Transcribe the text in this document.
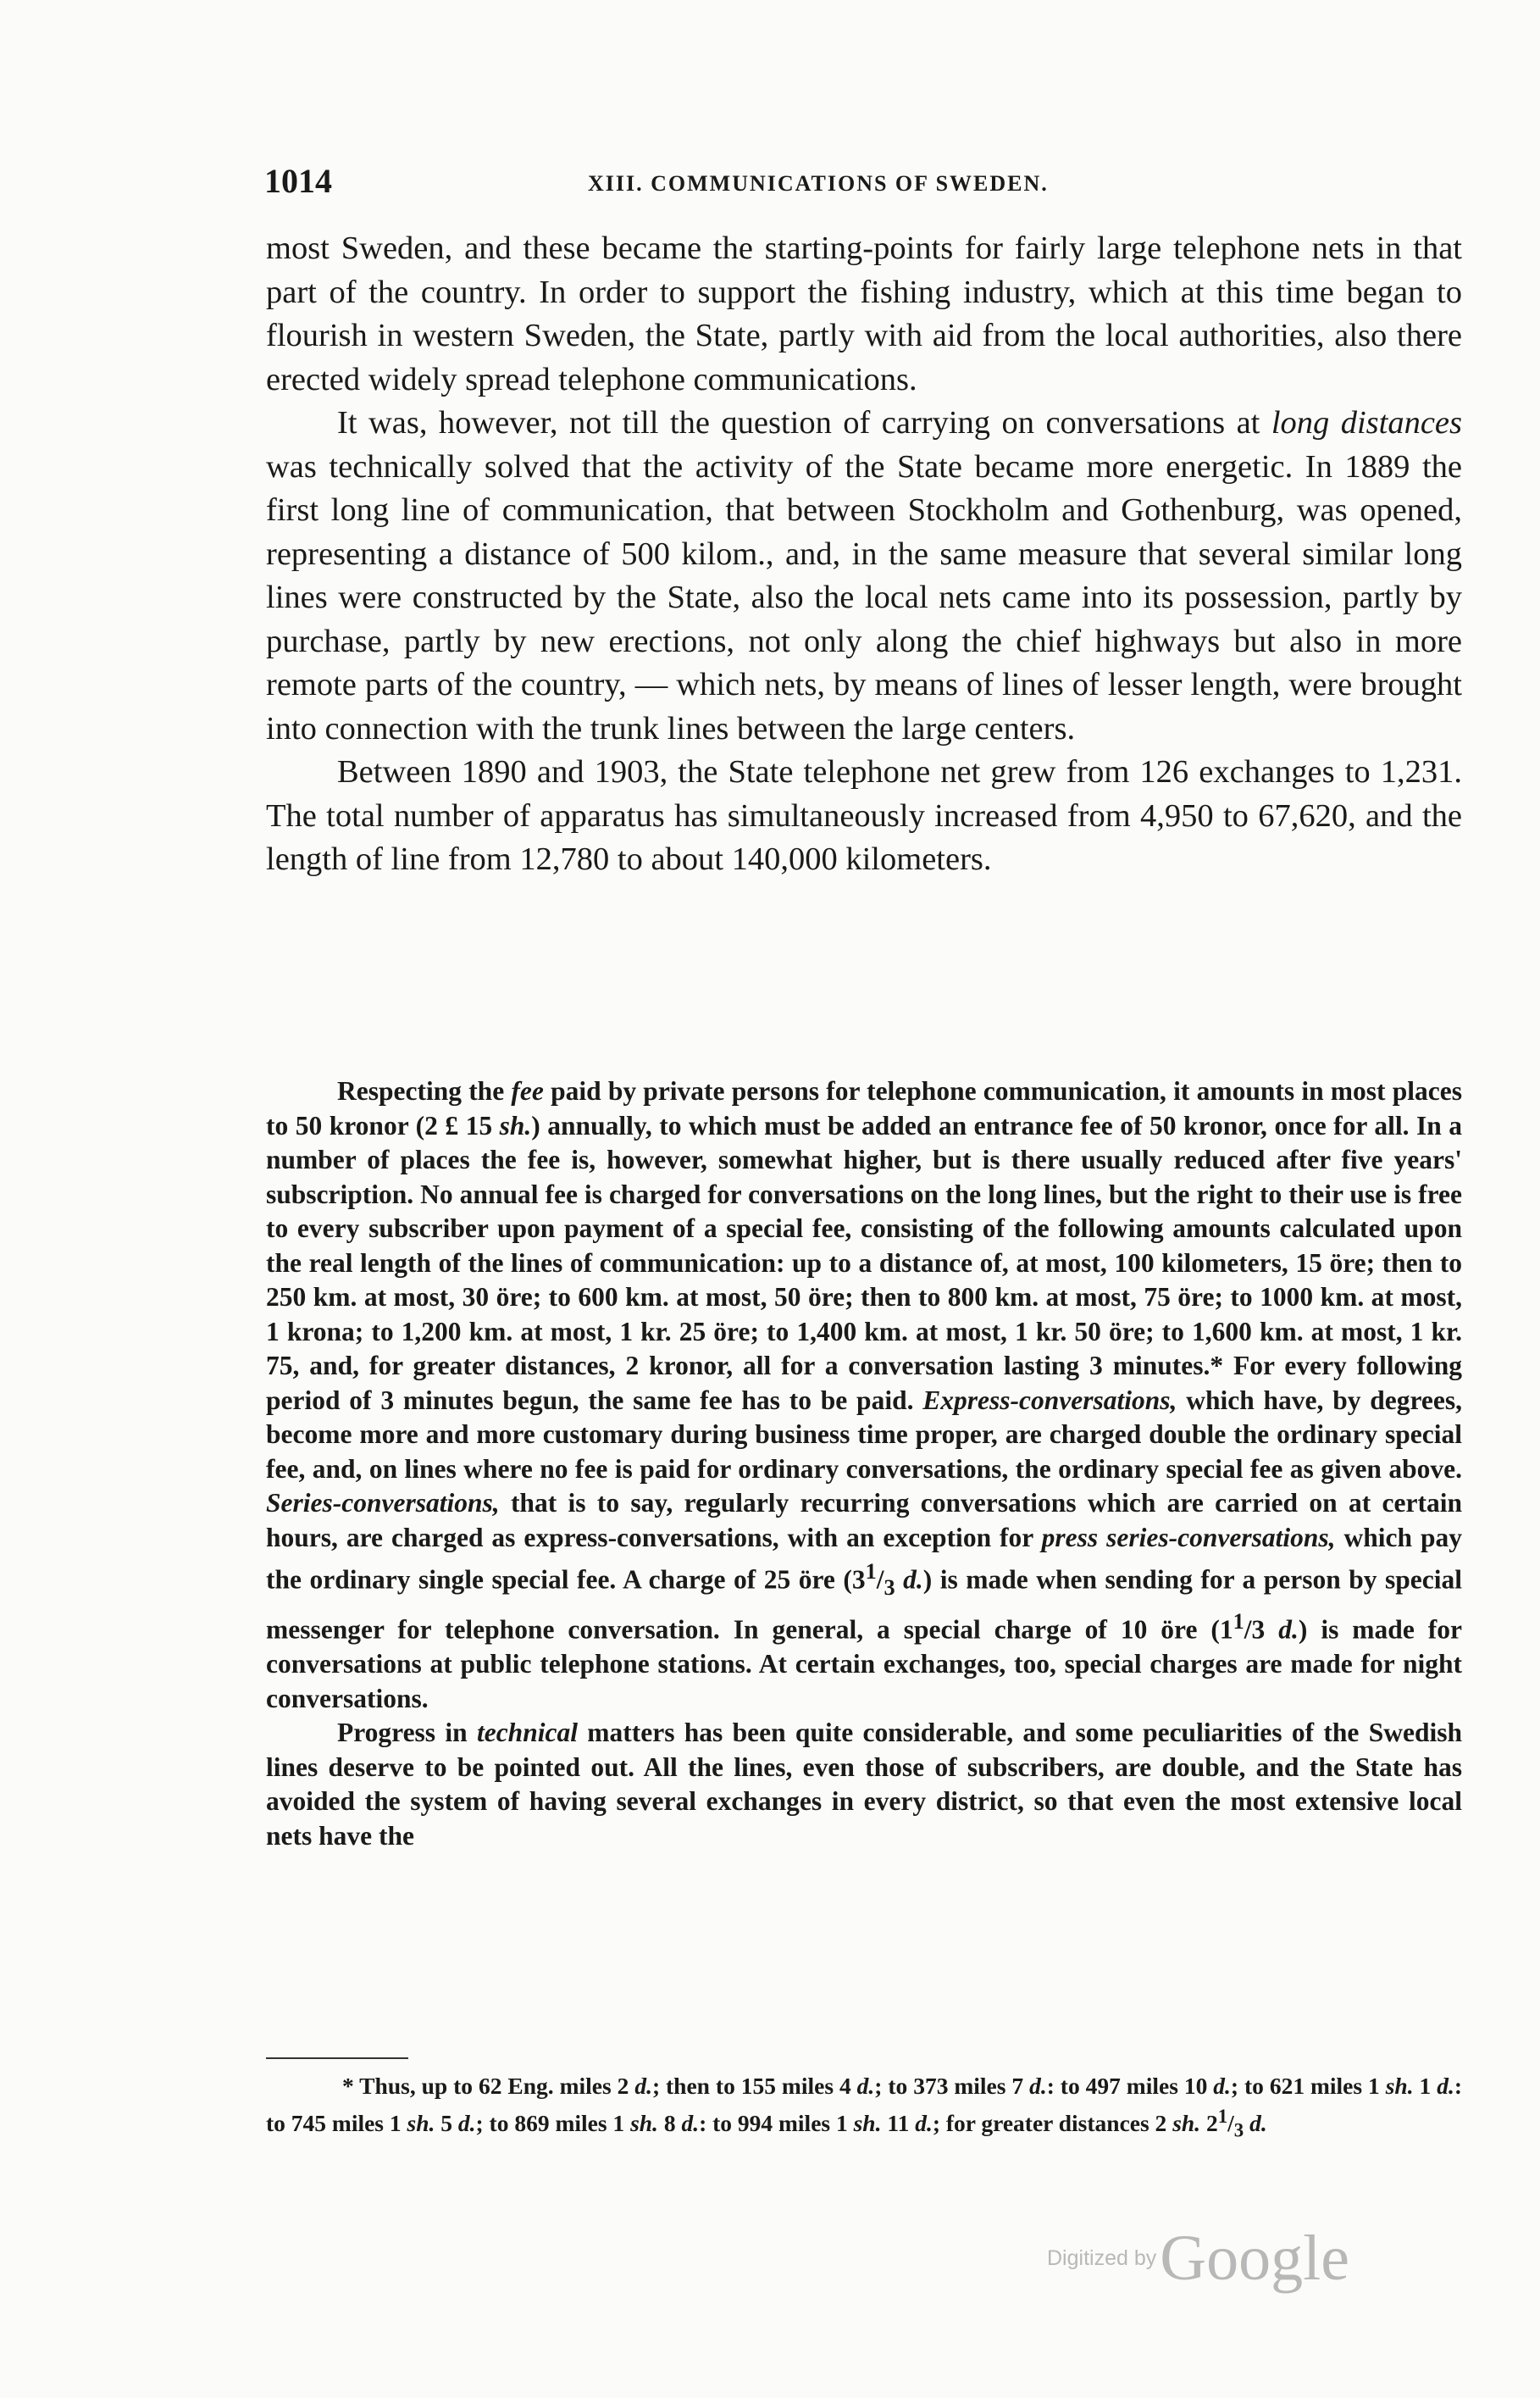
1014	XIII. COMMUNICATIONS OF SWEDEN.

most Sweden, and these became the starting-points for fairly large telephone nets in that part of the country. In order to support the fishing industry, which at this time began to flourish in western Sweden, the State, partly with aid from the local authorities, also there erected widely spread telephone communications.

It was, however, not till the question of carrying on conversations at long distances was technically solved that the activity of the State became more energetic. In 1889 the first long line of communication, that between Stockholm and Gothenburg, was opened, representing a distance of 500 kilom., and, in the same measure that several similar long lines were constructed by the State, also the local nets came into its possession, partly by purchase, partly by new erections, not only along the chief highways but also in more remote parts of the country, — which nets, by means of lines of lesser length, were brought into connection with the trunk lines between the large centers.

Between 1890 and 1903, the State telephone net grew from 126 exchanges to 1,231. The total number of apparatus has simultaneously increased from 4,950 to 67,620, and the length of line from 12,780 to about 140,000 kilometers.

Respecting the fee paid by private persons for telephone communication, it amounts in most places to 50 kronor (2 £ 15 sh.) annually, to which must be added an entrance fee of 50 kronor, once for all. In a number of places the fee is, however, somewhat higher, but is there usually reduced after five years' subscription. No annual fee is charged for conversations on the long lines, but the right to their use is free to every subscriber upon payment of a special fee, consisting of the following amounts calculated upon the real length of the lines of communication: up to a distance of, at most, 100 kilometers, 15 öre; then to 250 km. at most, 30 öre; to 600 km. at most, 50 öre; then to 800 km. at most, 75 öre; to 1000 km. at most, 1 krona; to 1,200 km. at most, 1 kr. 25 öre; to 1,400 km. at most, 1 kr. 50 öre; to 1,600 km. at most, 1 kr. 75, and, for greater distances, 2 kronor, all for a conversation lasting 3 minutes.* For every following period of 3 minutes begun, the same fee has to be paid. Express-conversations, which have, by degrees, become more and more customary during business time proper, are charged double the ordinary special fee, and, on lines where no fee is paid for ordinary conversations, the ordinary special fee as given above. Series-conversations, that is to say, regularly recurring conversations which are carried on at certain hours, are charged as express-conversations, with an exception for press series-conversations, which pay the ordinary single special fee. A charge of 25 öre ($3^1/_3$ d.) is made when sending for a person by special messenger for telephone conversation. In general, a special charge of 10 öre ($1^1/3$ d.) is made for conversations at public telephone stations. At certain exchanges, too, special charges are made for night conversations.

Progress in technical matters has been quite considerable, and some peculiarities of the Swedish lines deserve to be pointed out. All the lines, even those of subscribers, are double, and the State has avoided the system of having several exchanges in every district, so that even the most extensive local nets have the

* Thus, up to 62 Eng. miles 2 d.; then to 155 miles 4 d.; to 373 miles 7 d.: to 497 miles 10 d.; to 621 miles 1 sh. 1 d.: to 745 miles 1 sh. 5 d.; to 869 miles 1 sh. 8 d.: to 994 miles 1 sh. 11 d.; for greater distances 2 sh. $2^1/_3$ d.

Digitized byGoogle
